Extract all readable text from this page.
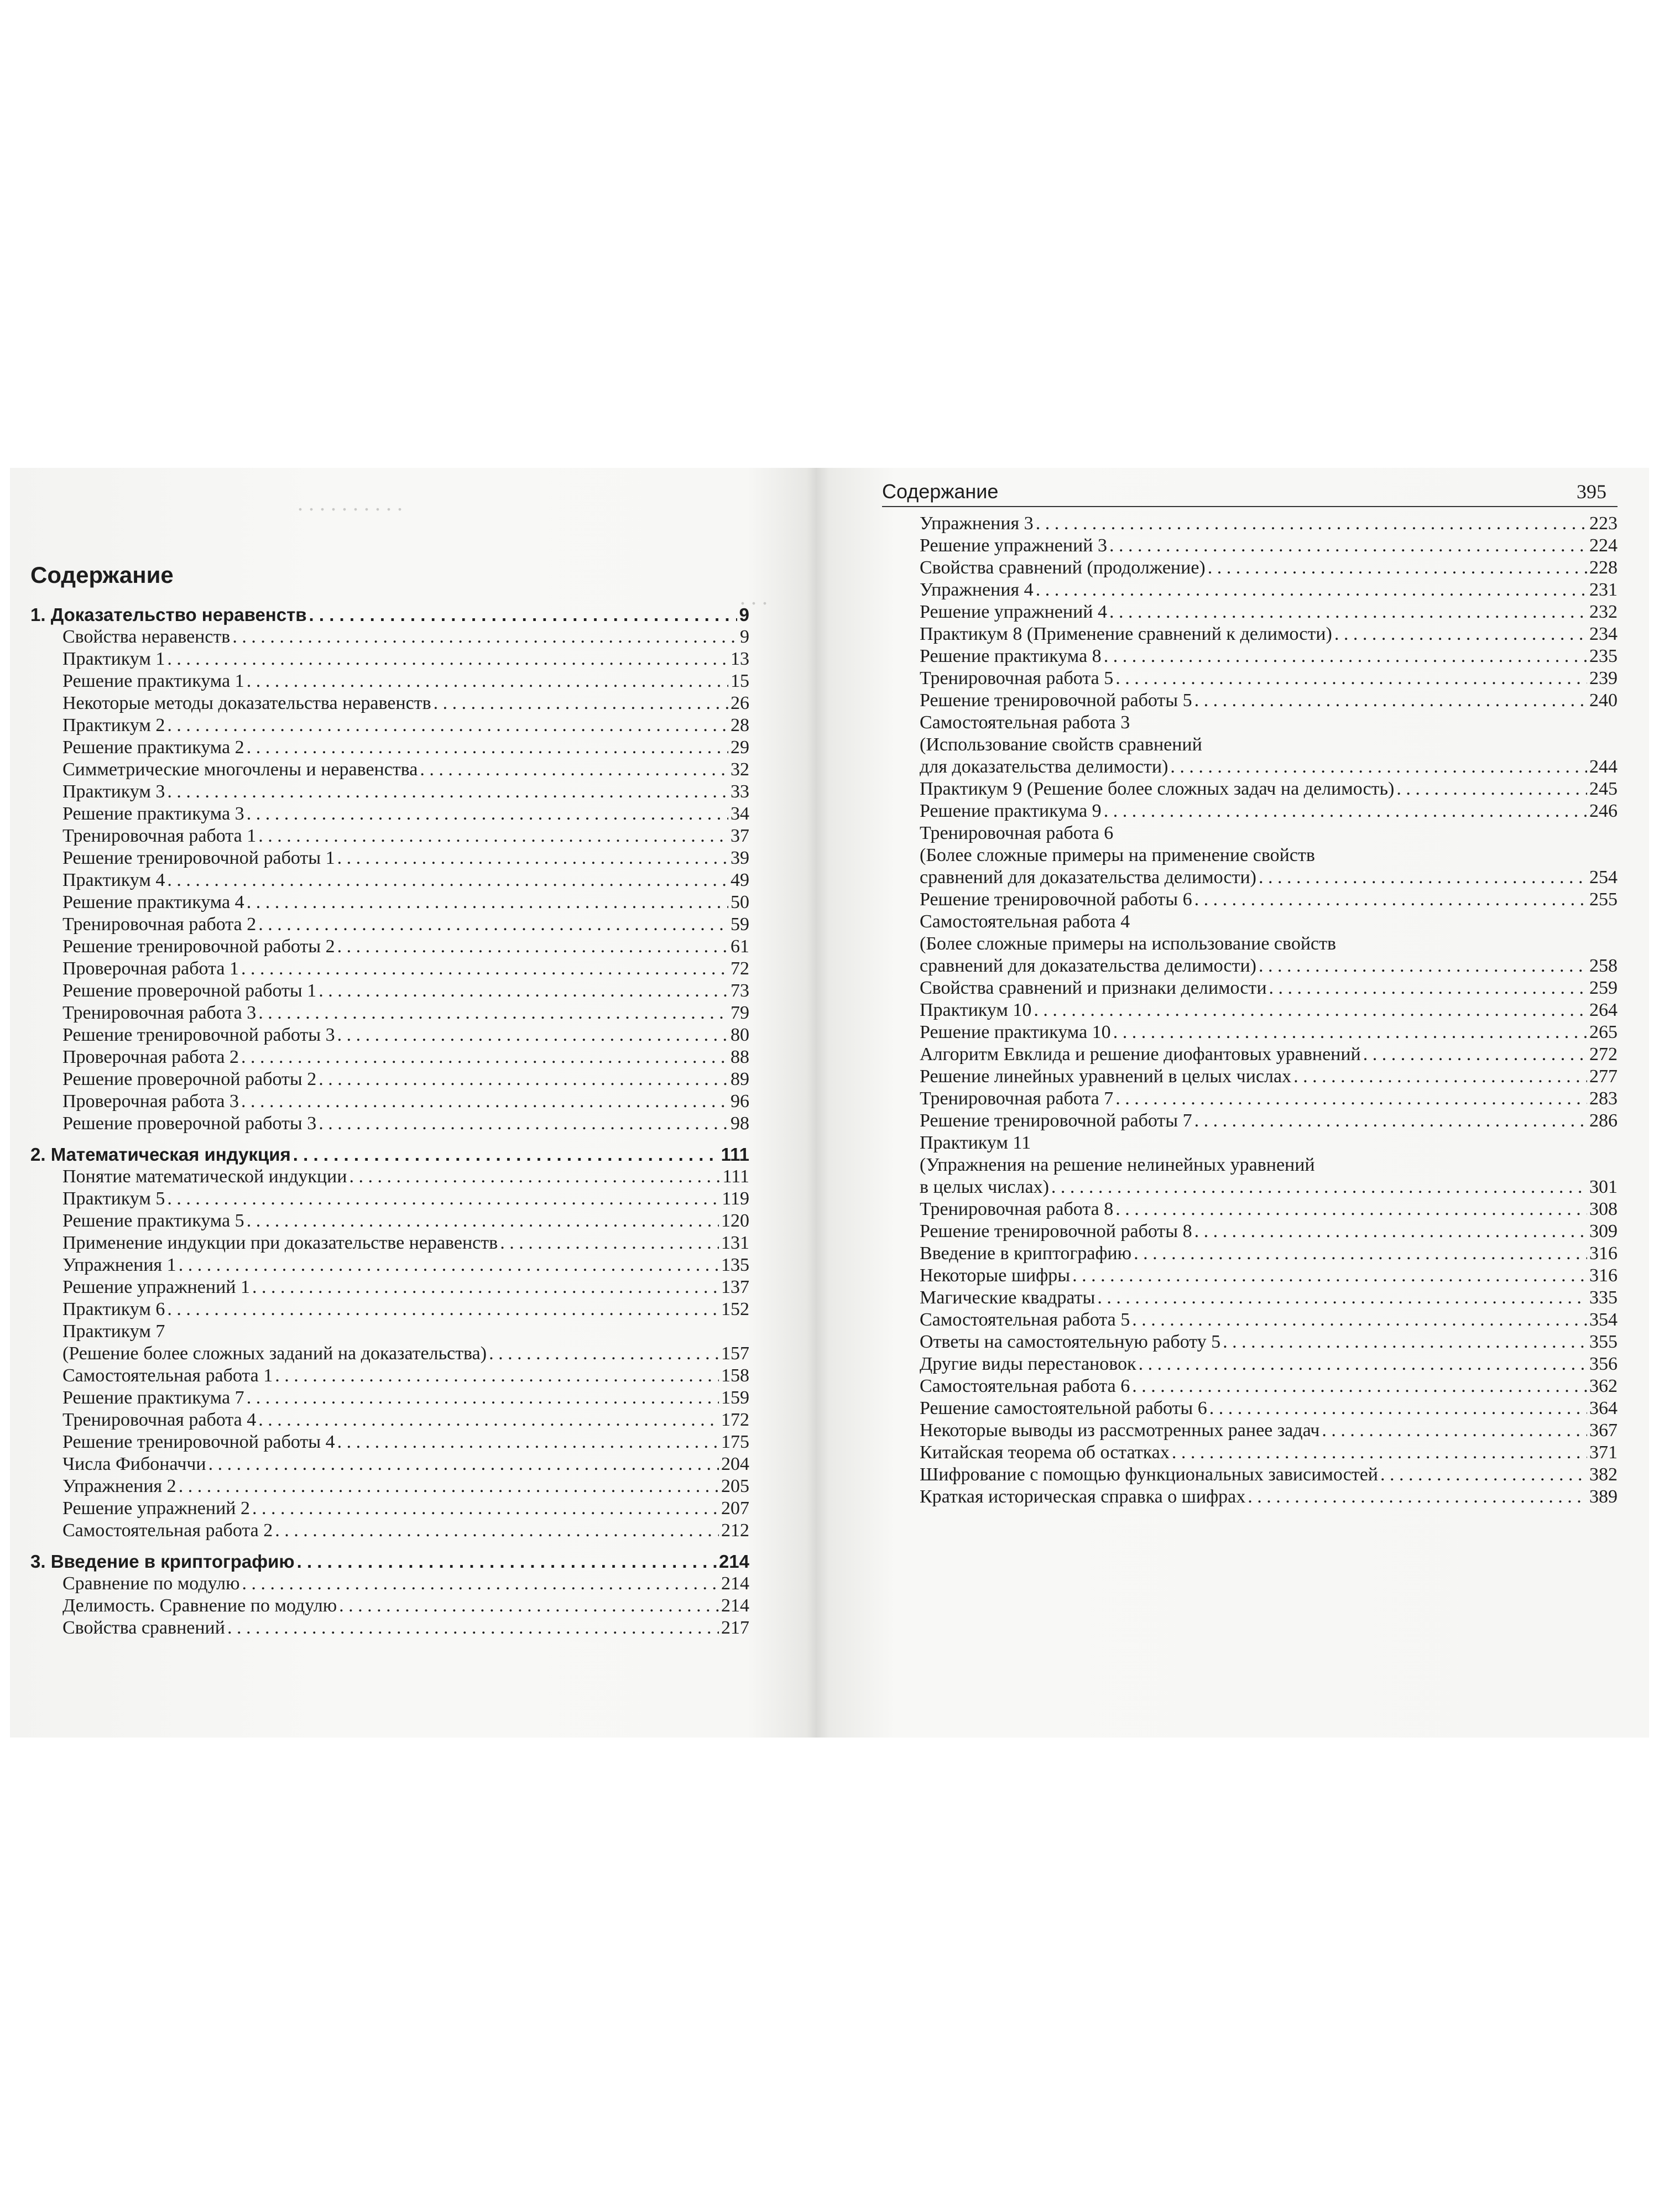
. . . . . . . . . .
. . .
Содержание
1. Доказательство неравенств . . .	9
Свойства неравенств . . .	9
Практикум 1 . . .	13
Решение практикума 1 . . .	15
Некоторые методы доказательства неравенств . . .	26
Практикум 2 . . .	28
Решение практикума 2 . . .	29
Симметрические многочлены и неравенства . . .	32
Практикум 3 . . .	33
Решение практикума 3 . . .	34
Тренировочная работа 1 . . .	37
Решение тренировочной работы 1 . . .	39
Практикум 4 . . .	49
Решение практикума 4 . . .	50
Тренировочная работа 2 . . .	59
Решение тренировочной работы 2 . . .	61
Проверочная работа 1 . . .	72
Решение проверочной работы 1 . . .	73
Тренировочная работа 3 . . .	79
Решение тренировочной работы 3 . . .	80
Проверочная работа 2 . . .	88
Решение проверочной работы 2 . . .	89
Проверочная работа 3 . . .	96
Решение проверочной работы 3 . . .	98
2. Математическая индукция . . .	111
Понятие математической индукции . . .	111
Практикум 5 . . .	119
Решение практикума 5 . . .	120
Применение индукции при доказательстве неравенств . . .	131
Упражнения 1 . . .	135
Решение упражнений 1 . . .	137
Практикум 6 . . .	152
Практикум 7
(Решение более сложных заданий на доказательства) . . .	157
Самостоятельная работа 1 . . .	158
Решение практикума 7 . . .	159
Тренировочная работа 4 . . .	172
Решение тренировочной работы 4 . . .	175
Числа Фибоначчи . . .	204
Упражнения 2 . . .	205
Решение упражнений 2 . . .	207
Самостоятельная работа 2 . . .	212
3. Введение в криптографию . . .	214
Сравнение по модулю . . .	214
Делимость. Сравнение по модулю . . .	214
Свойства сравнений . . .	217
Содержание	395
Упражнения 3 . . .	223
Решение упражнений 3 . . .	224
Свойства сравнений (продолжение) . . .	228
Упражнения 4 . . .	231
Решение упражнений 4 . . .	232
Практикум 8 (Применение сравнений к делимости) . . .	234
Решение практикума 8 . . .	235
Тренировочная работа 5 . . .	239
Решение тренировочной работы 5 . . .	240
Самостоятельная работа 3
(Использование свойств сравнений
для доказательства делимости) . . .	244
Практикум 9 (Решение более сложных задач на делимость) . . .	245
Решение практикума 9 . . .	246
Тренировочная работа 6
(Более сложные примеры на применение свойств
сравнений для доказательства делимости) . . .	254
Решение тренировочной работы 6 . . .	255
Самостоятельная работа 4
(Более сложные примеры на использование свойств
сравнений для доказательства делимости) . . .	258
Свойства сравнений и признаки делимости . . .	259
Практикум 10 . . .	264
Решение практикума 10 . . .	265
Алгоритм Евклида и решение диофантовых уравнений . . .	272
Решение линейных уравнений в целых числах . . .	277
Тренировочная работа 7 . . .	283
Решение тренировочной работы 7 . . .	286
Практикум 11
(Упражнения на решение нелинейных уравнений
в целых числах) . . .	301
Тренировочная работа 8 . . .	308
Решение тренировочной работы 8 . . .	309
Введение в криптографию . . .	316
Некоторые шифры . . .	316
Магические квадраты . . .	335
Самостоятельная работа 5 . . .	354
Ответы на самостоятельную работу 5 . . .	355
Другие виды перестановок . . .	356
Самостоятельная работа 6 . . .	362
Решение самостоятельной работы 6 . . .	364
Некоторые выводы из рассмотренных ранее задач . . .	367
Китайская теорема об остатках . . .	371
Шифрование с помощью функциональных зависимостей . . .	382
Краткая историческая справка о шифрах . . .	389
